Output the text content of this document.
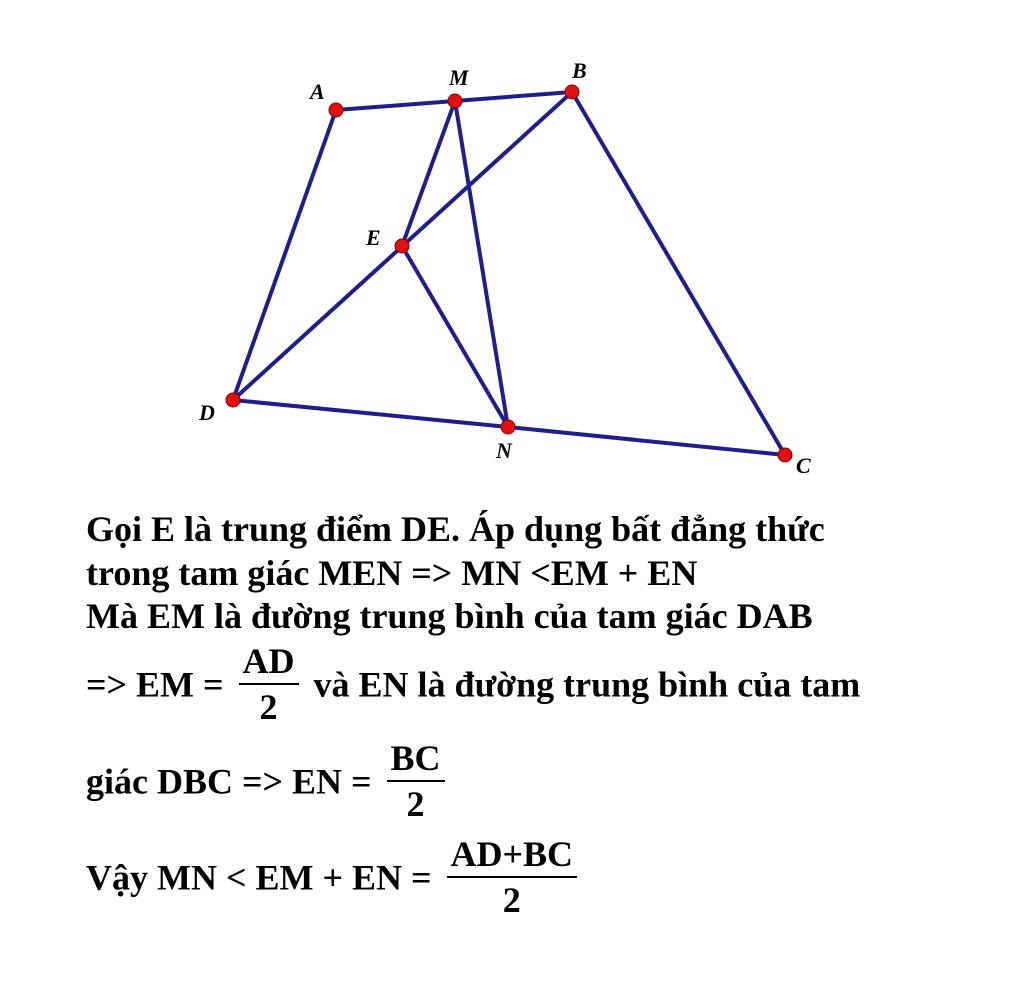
A
M	B
E
D
N
C
Gọi E là trung điểm DE. Áp dụng bất đẳng thức
trong tam giác MEN => MN <EM + EN
Mà EM là đường trung bình của tam giác DAB
=> EM = $\frac{AD}{2}$ và EN là đường trung bình của tam
giác DBC => EN = $\frac{BC}{2}$
Vậy MN < EM + EN = $\frac{AD+BC}{2}$
